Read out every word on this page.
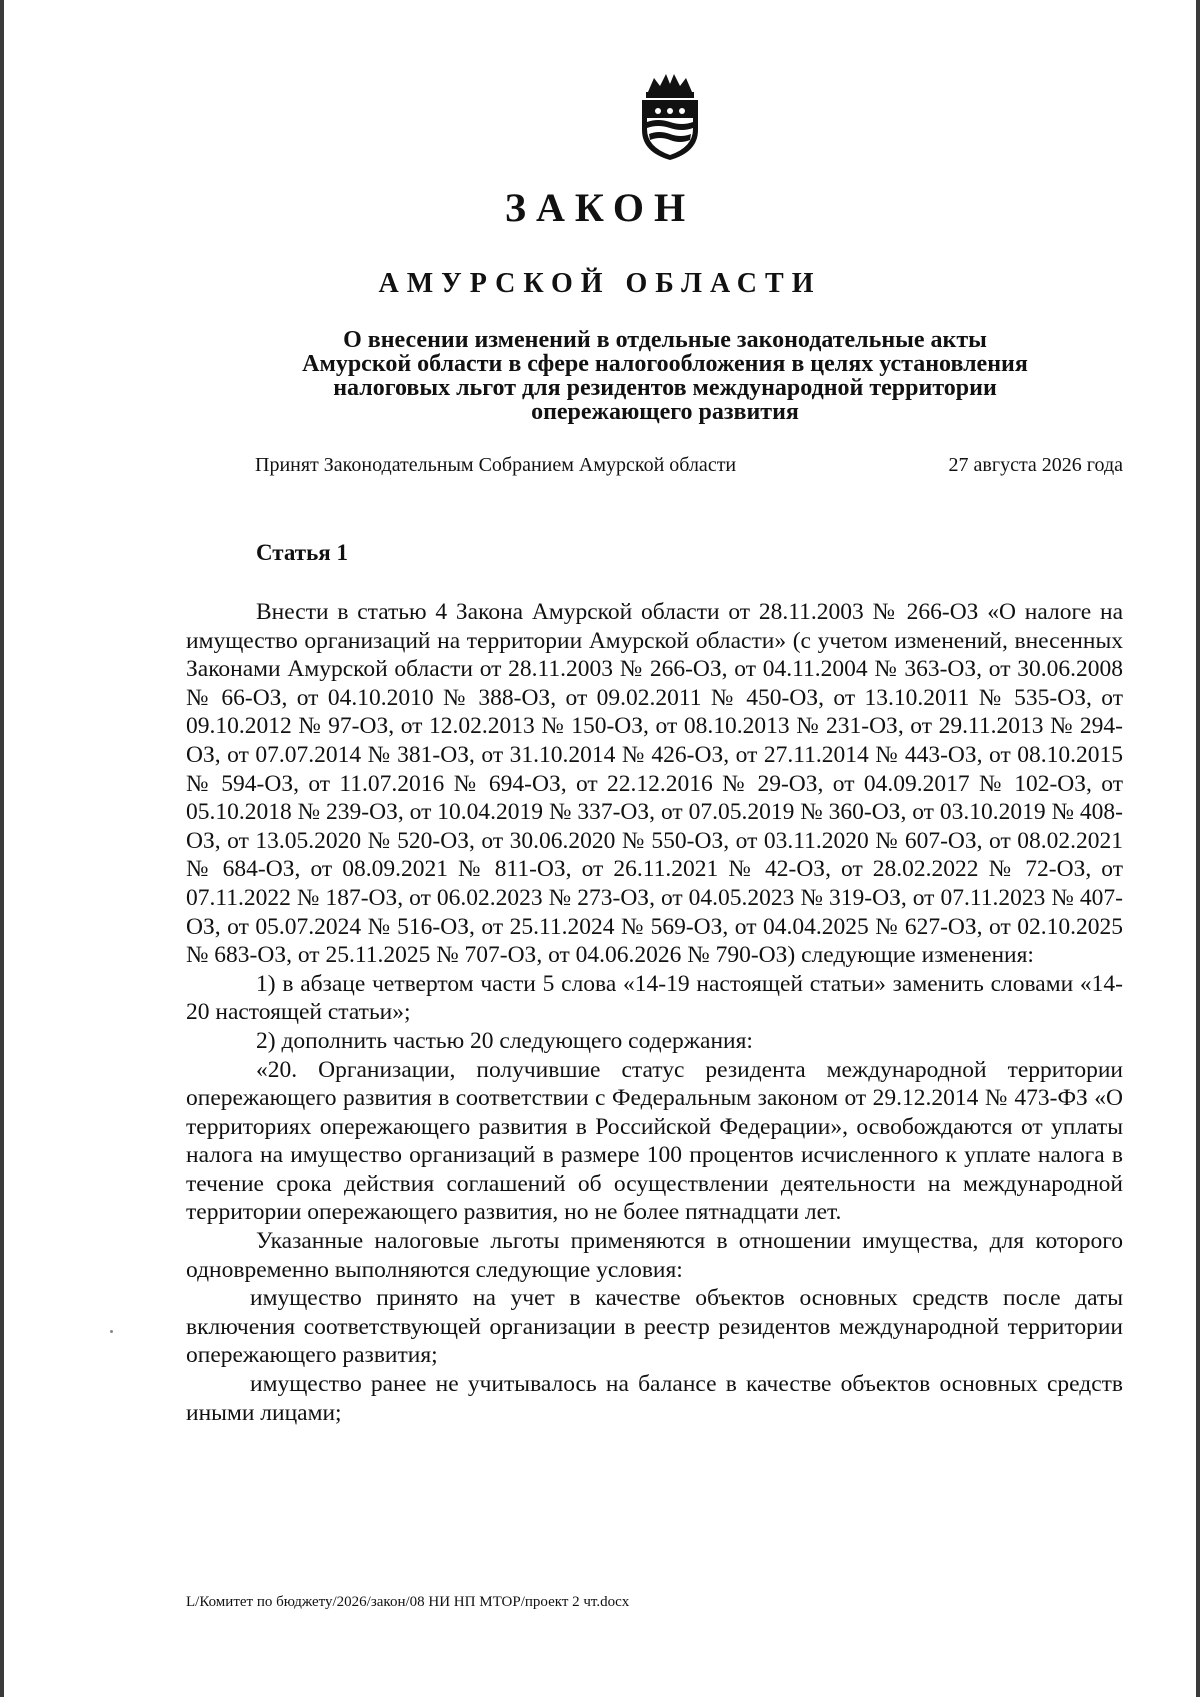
ЗАКОН
АМУРСКОЙ ОБЛАСТИ
О внесении изменений в отдельные законодательные акты
Амурской области в сфере налогообложения в целях установления
налоговых льгот для резидентов международной территории
опережающего развития
Принят Законодательным Собранием Амурской области	27 августа 2026 года
Статья 1

Внести в статью 4 Закона Амурской области от 28.11.2003 № 266-ОЗ «О налоге на имущество организаций на территории Амурской области» (с учетом изменений, внесенных Законами Амурской области от 28.11.2003 № 266-ОЗ, от 04.11.2004 № 363-ОЗ, от 30.06.2008 № 66-ОЗ, от 04.10.2010 № 388-ОЗ, от 09.02.2011 № 450-ОЗ, от 13.10.2011 № 535-ОЗ, от 09.10.2012 № 97-ОЗ, от 12.02.2013 № 150-ОЗ, от 08.10.2013 № 231-ОЗ, от 29.11.2013 № 294-ОЗ, от 07.07.2014 № 381-ОЗ, от 31.10.2014 № 426-ОЗ, от 27.11.2014 № 443-ОЗ, от 08.10.2015 № 594-ОЗ, от 11.07.2016 № 694-ОЗ, от 22.12.2016 № 29-ОЗ, от 04.09.2017 № 102-ОЗ, от 05.10.2018 № 239-ОЗ, от 10.04.2019 № 337-ОЗ, от 07.05.2019 № 360-ОЗ, от 03.10.2019 № 408-ОЗ, от 13.05.2020 № 520-ОЗ, от 30.06.2020 № 550-ОЗ, от 03.11.2020 № 607-ОЗ, от 08.02.2021 № 684-ОЗ, от 08.09.2021 № 811-ОЗ, от 26.11.2021 № 42-ОЗ, от 28.02.2022 № 72-ОЗ, от 07.11.2022 № 187-ОЗ, от 06.02.2023 № 273-ОЗ, от 04.05.2023 № 319-ОЗ, от 07.11.2023 № 407-ОЗ, от 05.07.2024 № 516-ОЗ, от 25.11.2024 № 569-ОЗ, от 04.04.2025 № 627-ОЗ, от 02.10.2025 № 683-ОЗ, от 25.11.2025 № 707-ОЗ, от 04.06.2026 № 790-ОЗ) следующие изменения:

1) в абзаце четвертом части 5 слова «14-19 настоящей статьи» заменить словами «14-20 настоящей статьи»;

2) дополнить частью 20 следующего содержания:

«20. Организации, получившие статус резидента международной территории опережающего развития в соответствии с Федеральным законом от 29.12.2014 № 473-ФЗ «О территориях опережающего развития в Российской Федерации», освобождаются от уплаты налога на имущество организаций в размере 100 процентов исчисленного к уплате налога в течение срока действия соглашений об осуществлении деятельности на международной территории опережающего развития, но не более пятнадцати лет.

Указанные налоговые льготы применяются в отношении имущества, для которого одновременно выполняются следующие условия:

имущество принято на учет в качестве объектов основных средств после даты включения соответствующей организации в реестр резидентов международной территории опережающего развития;

имущество ранее не учитывалось на балансе в качестве объектов основных средств иными лицами;

L/Комитет по бюджету/2026/закон/08 НИ НП МТОР/проект 2 чт.docx
